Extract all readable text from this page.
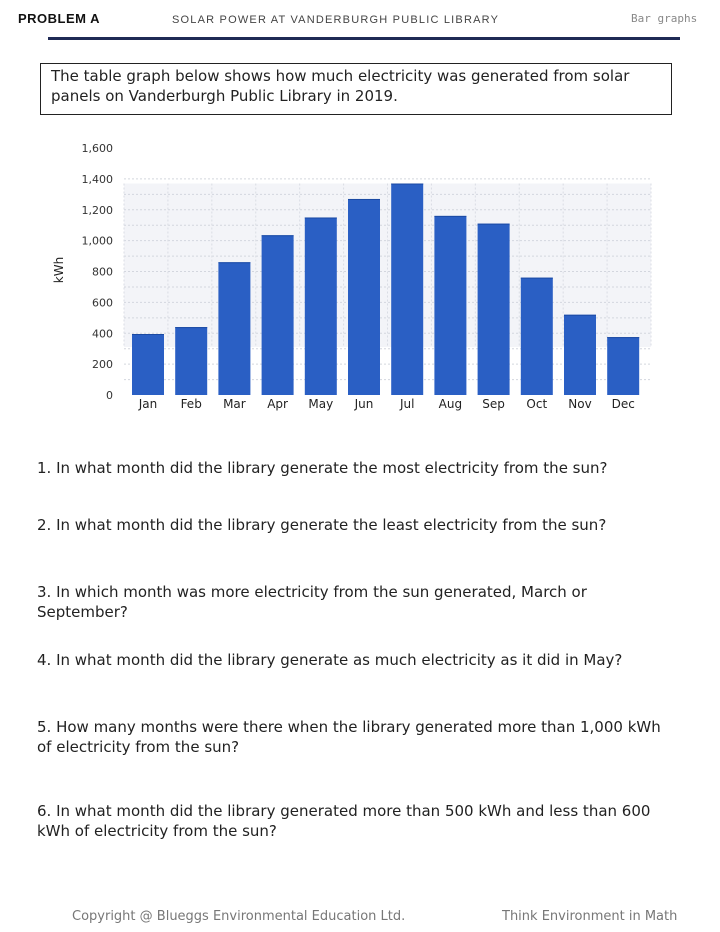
PROBLEM A	SOLAR POWER AT VANDERBURGH PUBLIC LIBRARY	Bar graphs
The table graph below shows how much electricity was generated from solar panels on Vanderburgh Public Library in 2019.
0
200
400
600
800
1,000
1,200
1,400
1,600
kWh
Jan Feb Mar Apr May Jun Jul Aug Sep Oct Nov Dec
1. In what month did the library generate the most electricity from the sun?
2. In what month did the library generate the least electricity from the sun?
3. In which month was more electricity from the sun generated, March or September?
4. In what month did the library generate as much electricity as it did in May?
5. How many months were there when the library generated more than 1,000 kWh of electricity from the sun?
6. In what month did the library generated more than 500 kWh and less than 600 kWh of electricity from the sun?
Copyright @ Blueggs Environmental Education Ltd.	Think Environment in Math
